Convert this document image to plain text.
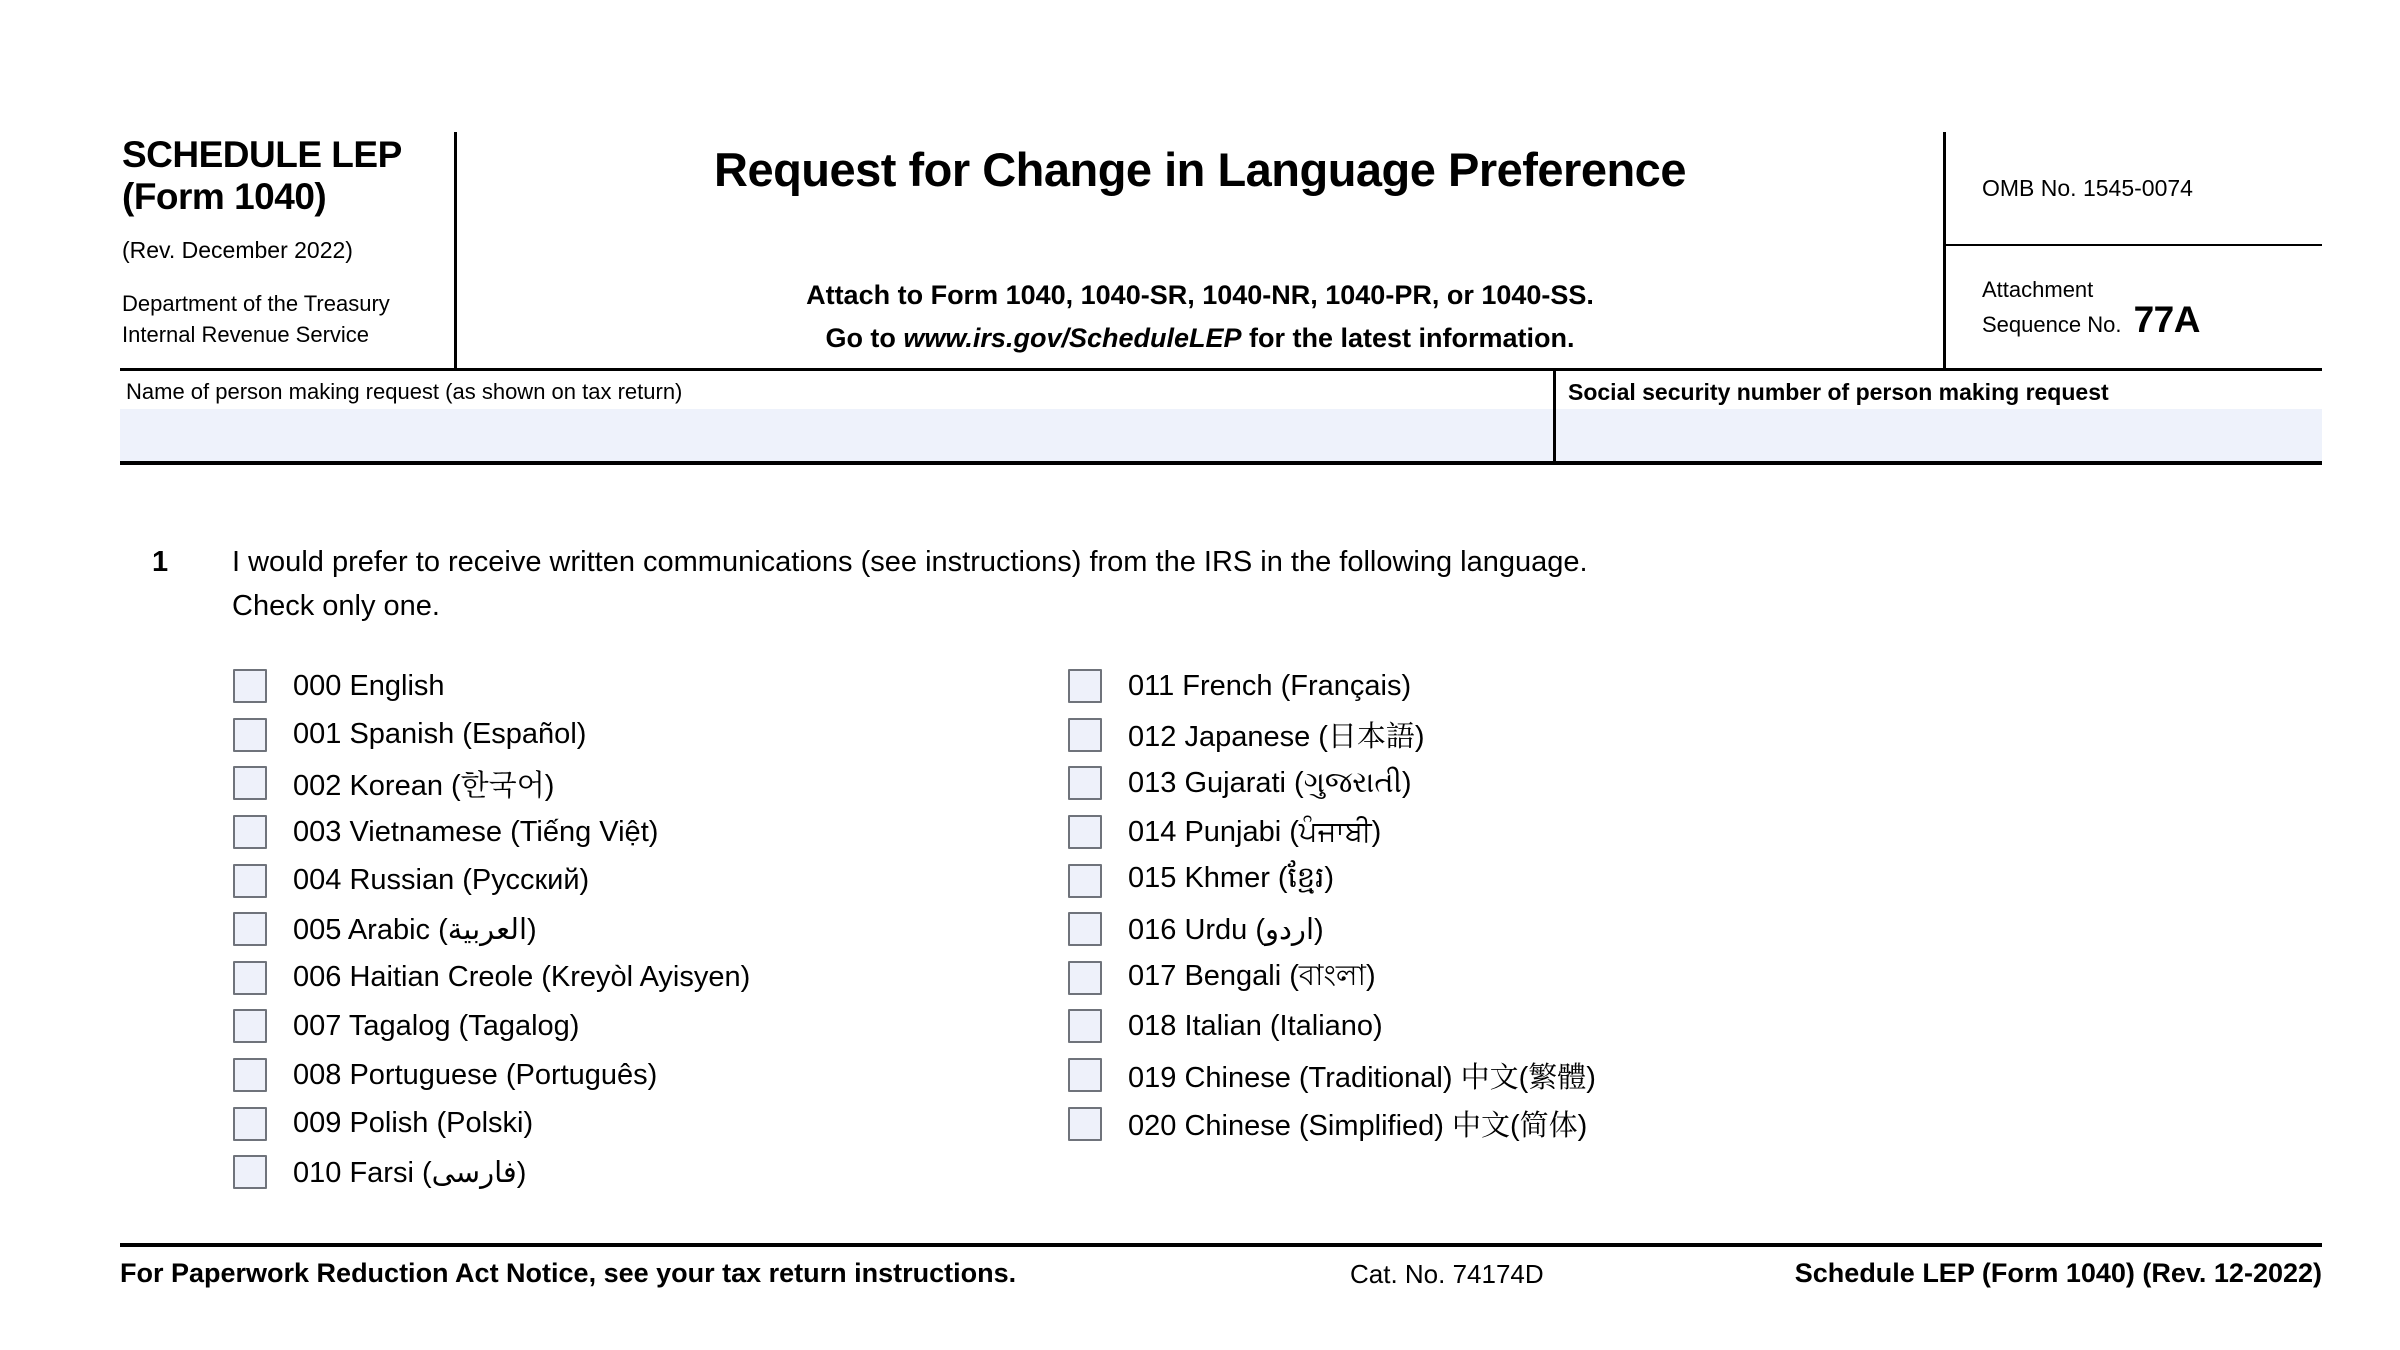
SCHEDULE LEP
(Form 1040)
(Rev. December 2022)
Department of the Treasury
Internal Revenue Service
Request for Change in Language Preference
Attach to Form 1040, 1040-SR, 1040-NR, 1040-PR, or 1040-SS.
Go to www.irs.gov/ScheduleLEP for the latest information.
OMB No. 1545-0074
Attachment
Sequence No. 77A
Name of person making request (as shown on tax return)	Social security number of person making request
1	I would prefer to receive written communications (see instructions) from the IRS in the following language.
Check only one.
000 English
001 Spanish (Español)
002 Korean (한국어)
003 Vietnamese (Tiếng Việt)
004 Russian (Русский)
005 Arabic (العربية)
006 Haitian Creole (Kreyòl Ayisyen)
007 Tagalog (Tagalog)
008 Portuguese (Português)
009 Polish (Polski)
010 Farsi (فارسی)
011 French (Français)
012 Japanese (日本語)
013 Gujarati (ગુજરાતી)
014 Punjabi (ਪੰਜਾਬੀ)
015 Khmer (ខ្មែរ)
016 Urdu (اردو)
017 Bengali (বাংলা)
018 Italian (Italiano)
019 Chinese (Traditional) 中文(繁體)
020 Chinese (Simplified) 中文(简体)
For Paperwork Reduction Act Notice, see your tax return instructions.	Cat. No. 74174D	Schedule LEP (Form 1040) (Rev. 12-2022)
